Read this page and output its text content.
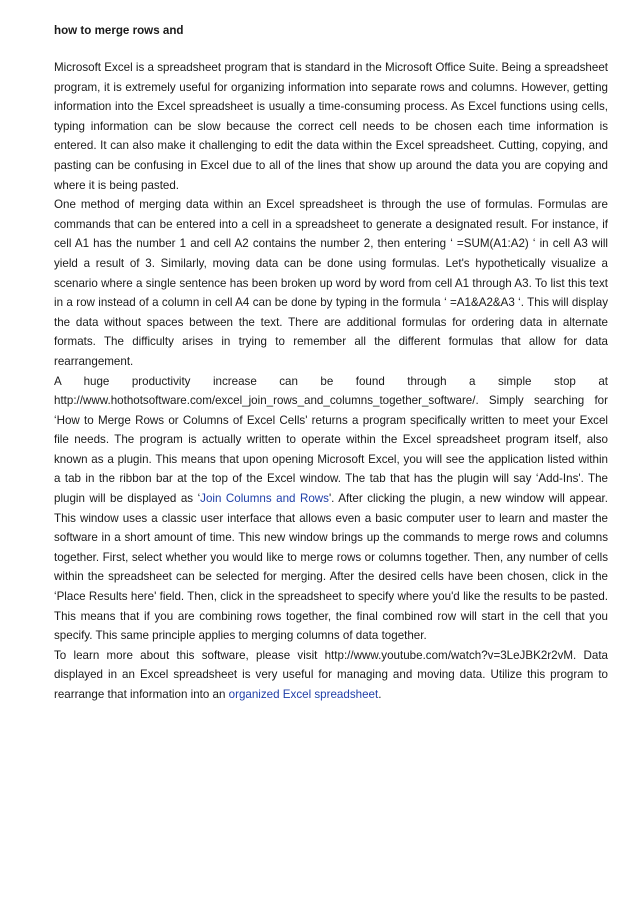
how to merge rows and

Microsoft Excel is a spreadsheet program that is standard in the Microsoft Office Suite. Being a spreadsheet program, it is extremely useful for organizing information into separate rows and columns. However, getting information into the Excel spreadsheet is usually a time-consuming process. As Excel functions using cells, typing information can be slow because the correct cell needs to be chosen each time information is entered. It can also make it challenging to edit the data within the Excel spreadsheet. Cutting, copying, and pasting can be confusing in Excel due to all of the lines that show up around the data you are copying and where it is being pasted.

One method of merging data within an Excel spreadsheet is through the use of formulas. Formulas are commands that can be entered into a cell in a spreadsheet to generate a designated result. For instance, if cell A1 has the number 1 and cell A2 contains the number 2, then entering ‘ =SUM(A1:A2) ‘ in cell A3 will yield a result of 3. Similarly, moving data can be done using formulas. Let's hypothetically visualize a scenario where a single sentence has been broken up word by word from cell A1 through A3. To list this text in a row instead of a column in cell A4 can be done by typing in the formula ‘ =A1&A2&A3 ‘. This will display the data without spaces between the text. There are additional formulas for ordering data in alternate formats. The difficulty arises in trying to remember all the different formulas that allow for data rearrangement.

A huge productivity increase can be found through a simple stop at http://www.hothotsoftware.com/excel_join_rows_and_columns_together_software/. Simply searching for ‘How to Merge Rows or Columns of Excel Cells' returns a program specifically written to meet your Excel file needs. The program is actually written to operate within the Excel spreadsheet program itself, also known as a plugin. This means that upon opening Microsoft Excel, you will see the application listed within a tab in the ribbon bar at the top of the Excel window. The tab that has the plugin will say ‘Add-Ins'. The plugin will be displayed as ‘Join Columns and Rows'. After clicking the plugin, a new window will appear. This window uses a classic user interface that allows even a basic computer user to learn and master the software in a short amount of time. This new window brings up the commands to merge rows and columns together. First, select whether you would like to merge rows or columns together. Then, any number of cells within the spreadsheet can be selected for merging. After the desired cells have been chosen, click in the ‘Place Results here' field. Then, click in the spreadsheet to specify where you'd like the results to be pasted. This means that if you are combining rows together, the final combined row will start in the cell that you specify. This same principle applies to merging columns of data together.

To learn more about this software, please visit http://www.youtube.com/watch?v=3LeJBK2r2vM. Data displayed in an Excel spreadsheet is very useful for managing and moving data. Utilize this program to rearrange that information into an organized Excel spreadsheet.
